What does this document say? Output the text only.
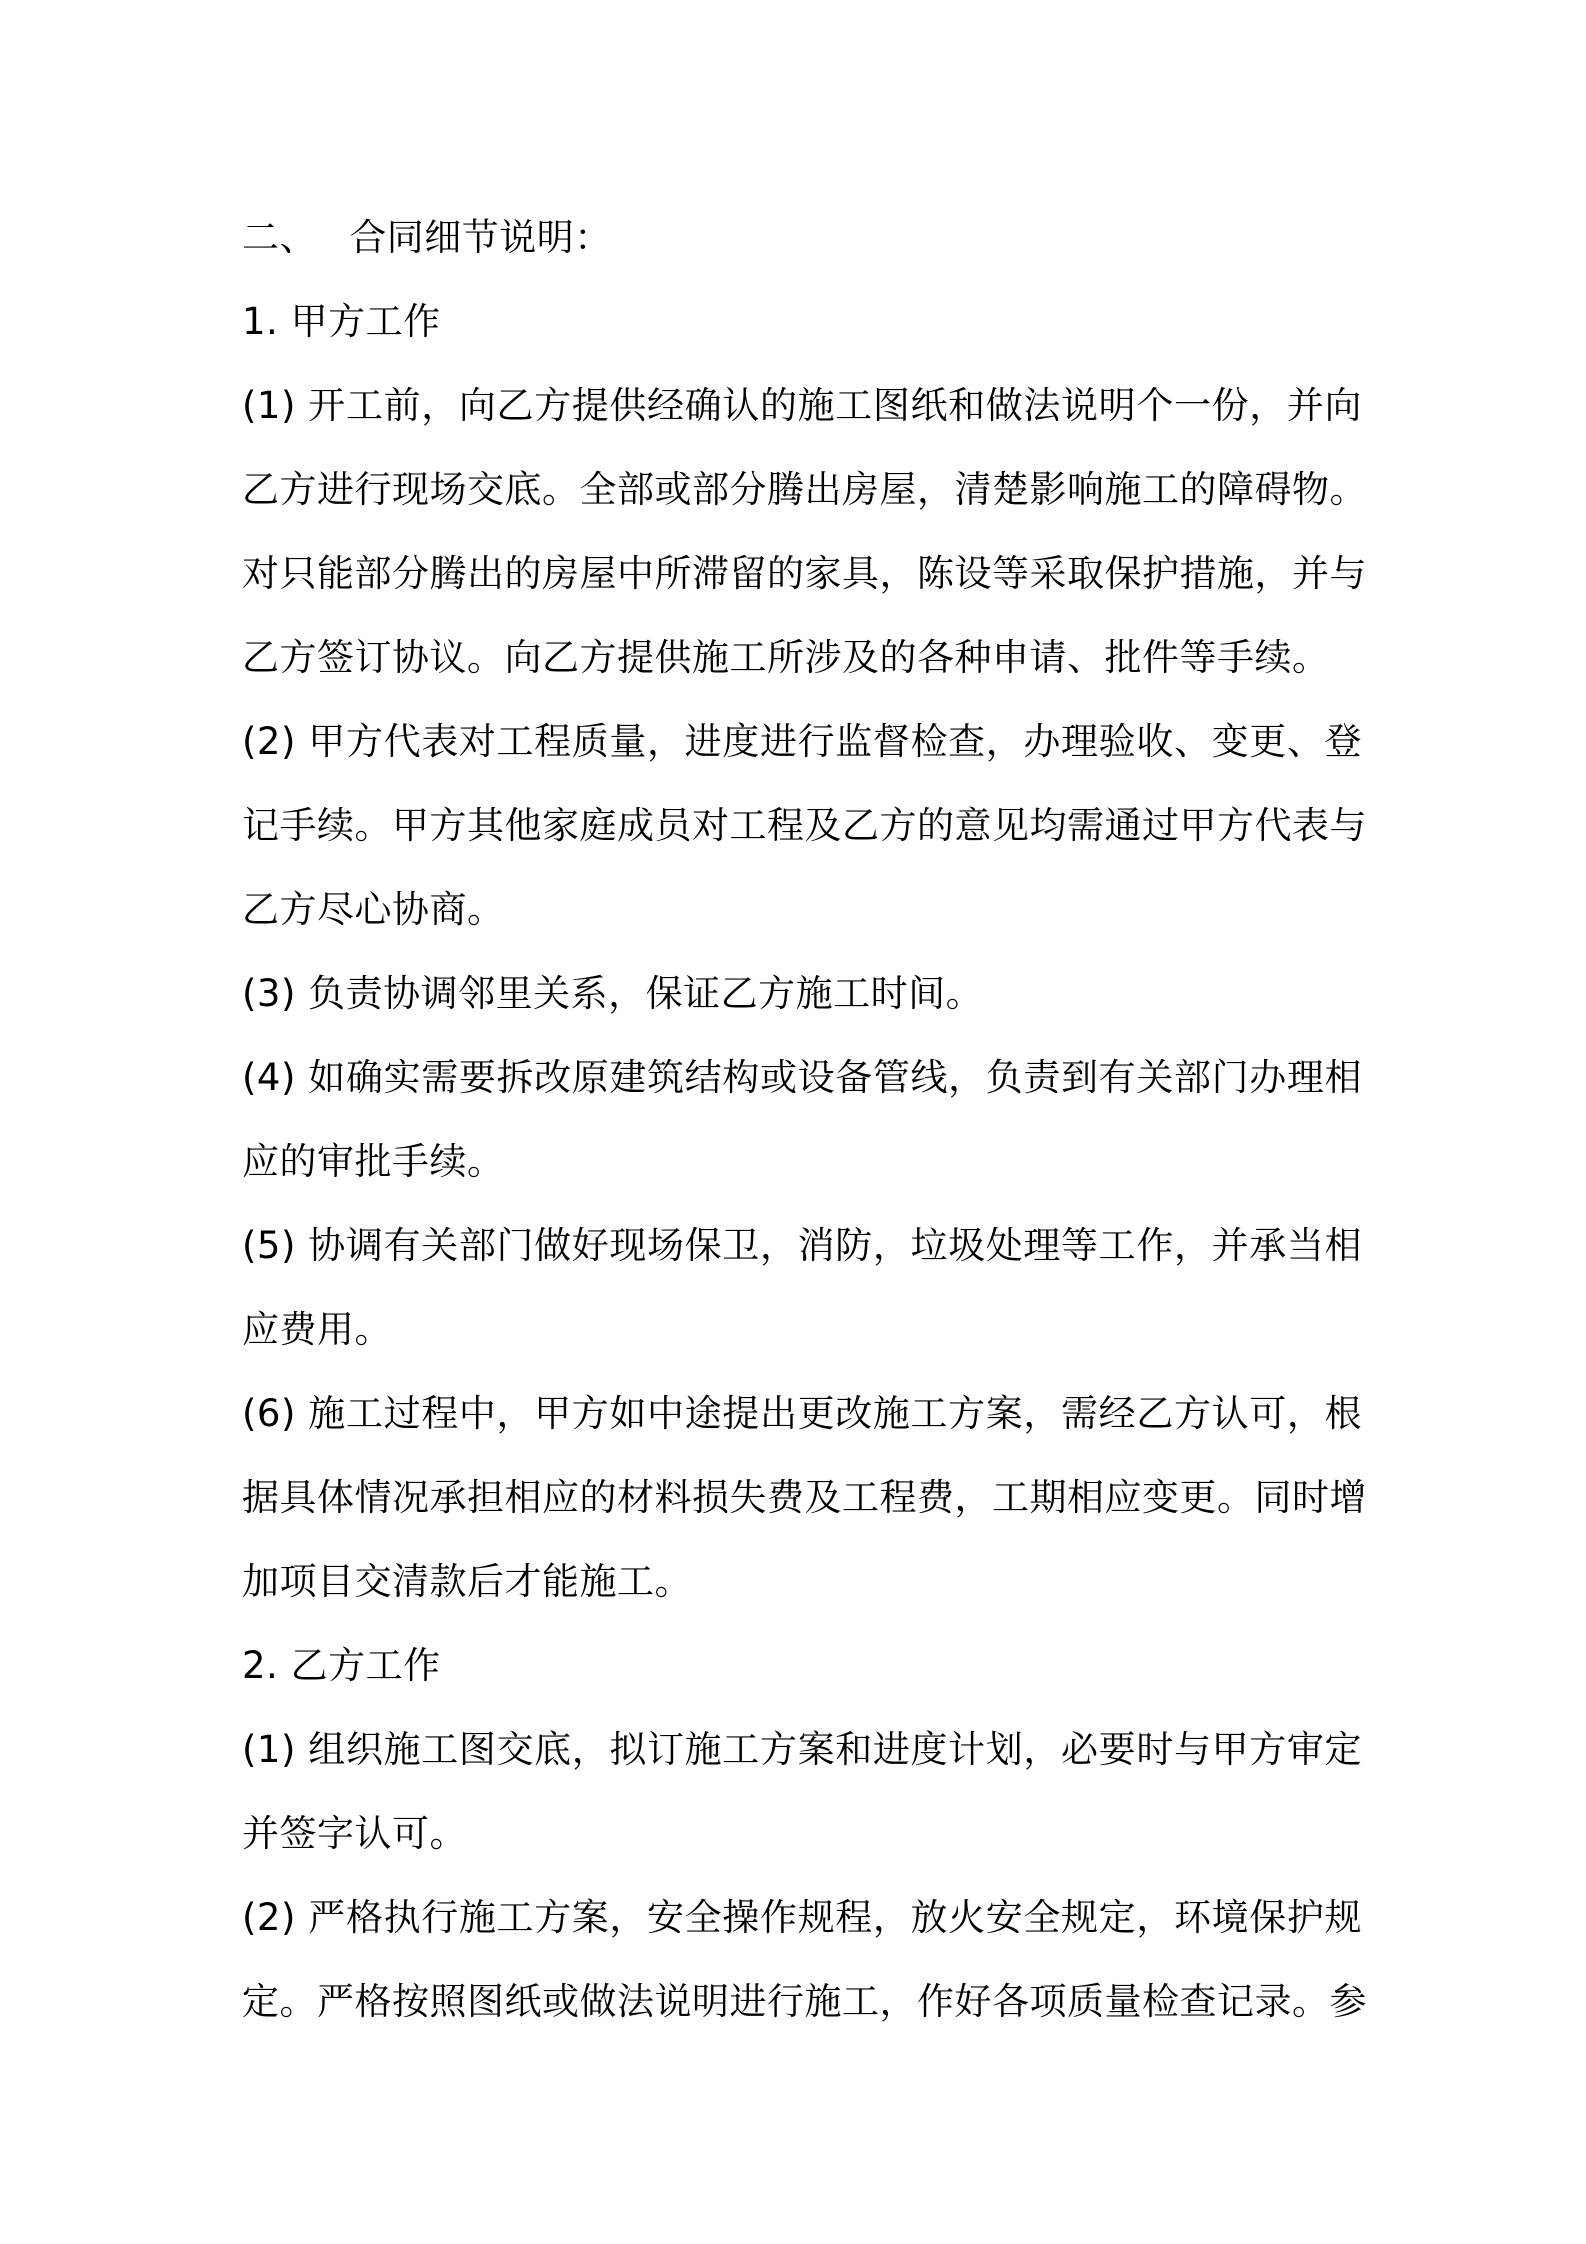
二、 合同细节说明：
1. 甲方工作
(1) 开工前，向乙方提供经确认的施工图纸和做法说明个一份，并向
乙方进行现场交底。全部或部分腾出房屋，清楚影响施工的障碍物。
对只能部分腾出的房屋中所滞留的家具，陈设等采取保护措施，并与
乙方签订协议。向乙方提供施工所涉及的各种申请、批件等手续。
(2) 甲方代表对工程质量，进度进行监督检查，办理验收、变更、登
记手续。甲方其他家庭成员对工程及乙方的意见均需通过甲方代表与
乙方尽心协商。
(3) 负责协调邻里关系，保证乙方施工时间。
(4) 如确实需要拆改原建筑结构或设备管线，负责到有关部门办理相
应的审批手续。
(5) 协调有关部门做好现场保卫，消防，垃圾处理等工作，并承当相
应费用。
(6) 施工过程中，甲方如中途提出更改施工方案，需经乙方认可，根
据具体情况承担相应的材料损失费及工程费，工期相应变更。同时增
加项目交清款后才能施工。
2. 乙方工作
(1) 组织施工图交底，拟订施工方案和进度计划，必要时与甲方审定
并签字认可。
(2) 严格执行施工方案，安全操作规程，放火安全规定，环境保护规
定。严格按照图纸或做法说明进行施工，作好各项质量检查记录。参
